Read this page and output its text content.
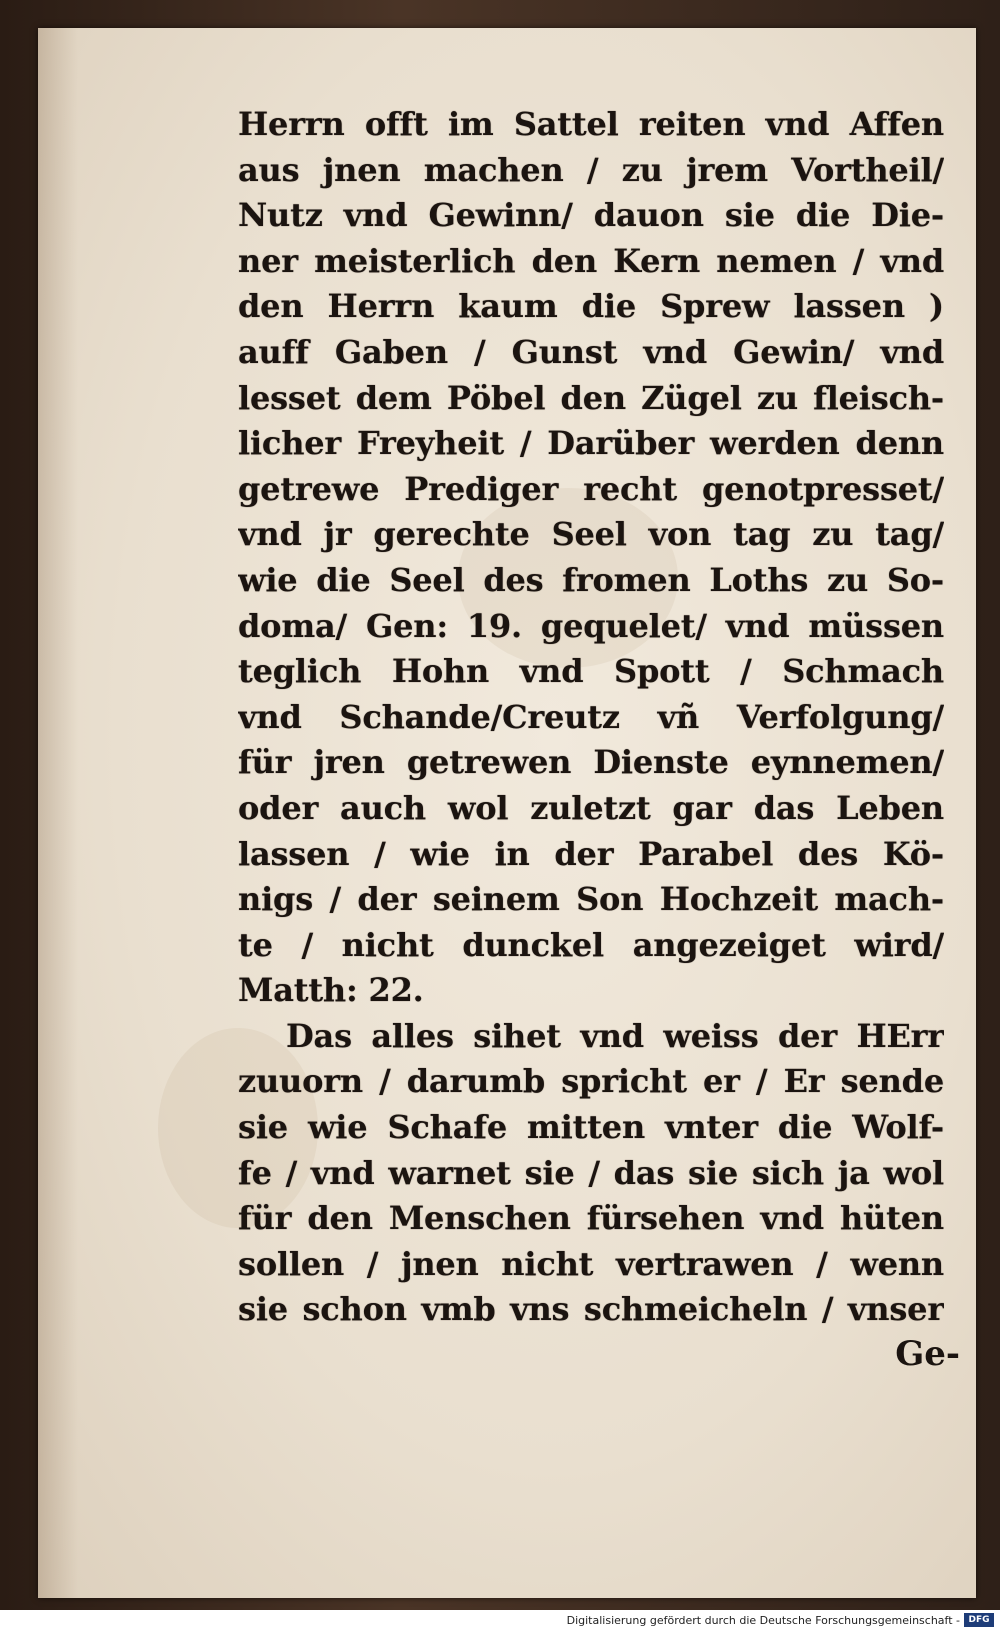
Herrn offt im Sattel reiten vnd Affen
aus jnen machen / zu jrem Vortheil/
Nutz vnd Gewinn/ dauon sie die Die-
ner meisterlich den Kern nemen / vnd
den Herrn kaum die Sprew lassen )
auff Gaben / Gunst vnd Gewin/ vnd
lesset dem Pöbel den Zügel zu fleisch-
licher Freyheit / Darüber werden denn
getrewe Prediger recht genotpresset/
vnd jr gerechte Seel von tag zu tag/
wie die Seel des fromen Loths zu So-
doma/ Gen: 19. gequelet/ vnd müssen
teglich Hohn vnd Spott / Schmach
vnd Schande/Creutz vñ Verfolgung/
für jren getrewen Dienste eynnemen/
oder auch wol zuletzt gar das Leben
lassen / wie in der Parabel des Kö-
nigs / der seinem Son Hochzeit mach-
te / nicht dunckel angezeiget wird/
Matth: 22.
Das alles sihet vnd weiss der HErr
zuuorn / darumb spricht er / Er sende
sie wie Schafe mitten vnter die Wolf-
fe / vnd warnet sie / das sie sich ja wol
für den Menschen fürsehen vnd hüten
sollen / jnen nicht vertrawen / wenn
sie schon vmb vns schmeicheln / vnser
Ge-
Digitalisierung gefördert durch die Deutsche Forschungsgemeinschaft - DFG
